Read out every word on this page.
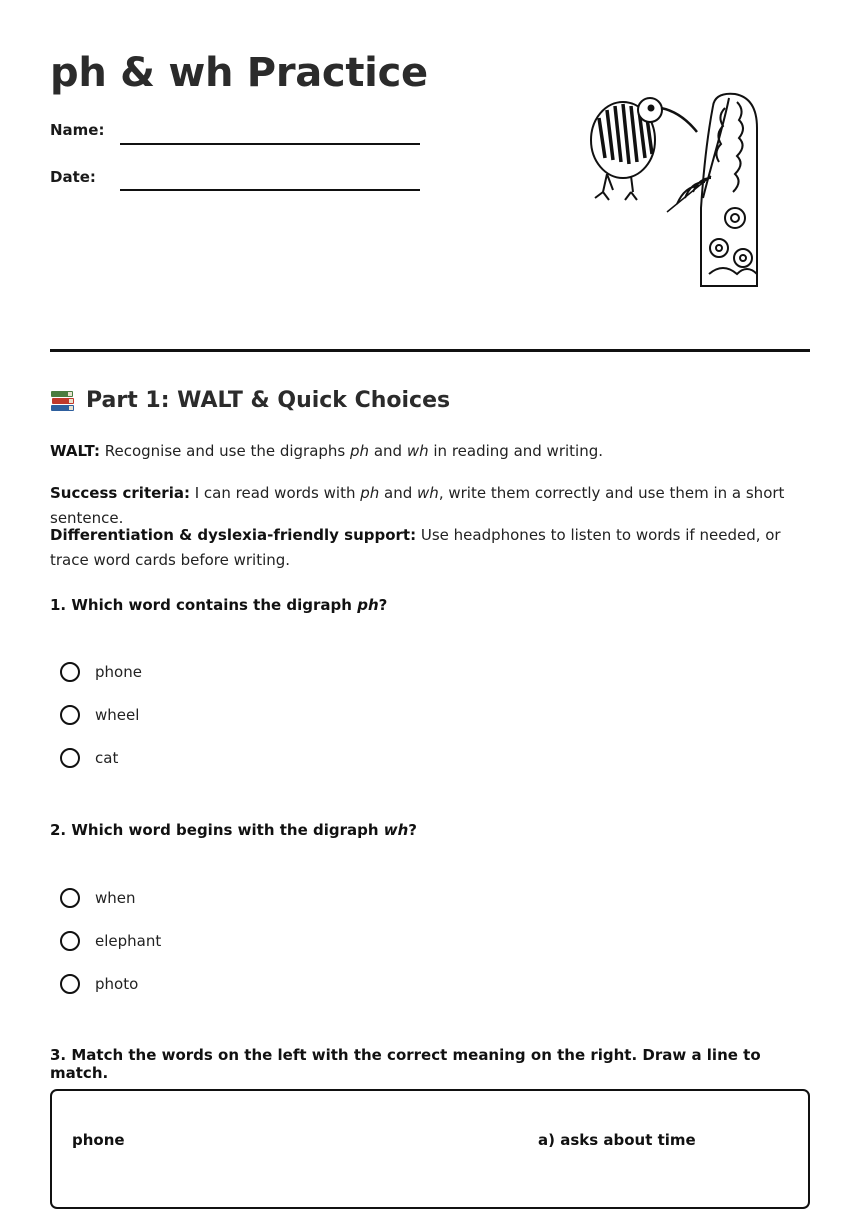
ph & wh Practice
Name:
Date:
Part 1: WALT & Quick Choices
WALT: Recognise and use the digraphs ph and wh in reading and writing.
Success criteria: I can read words with ph and wh, write them correctly and use them in a short sentence.
Differentiation & dyslexia-friendly support: Use headphones to listen to words if needed, or trace word cards before writing.
1. Which word contains the digraph ph?
phone
wheel
cat
2. Which word begins with the digraph wh?
when
elephant
photo
3. Match the words on the left with the correct meaning on the right. Draw a line to match.
phone	a) asks about time
